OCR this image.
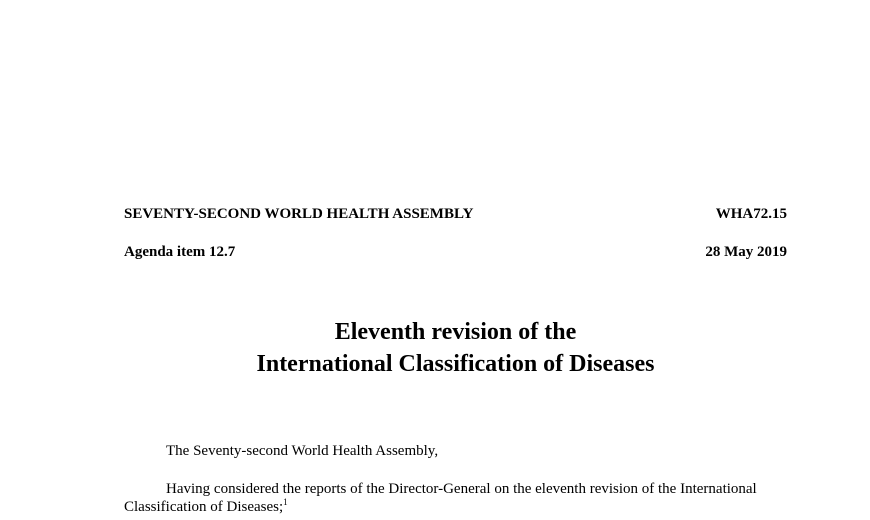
SEVENTY-SECOND WORLD HEALTH ASSEMBLY	WHA72.15
Agenda item 12.7	28 May 2019
Eleventh revision of the
International Classification of Diseases
The Seventy-second World Health Assembly,
Having considered the reports of the Director-General on the eleventh revision of the International
Classification of Diseases;$^1$
